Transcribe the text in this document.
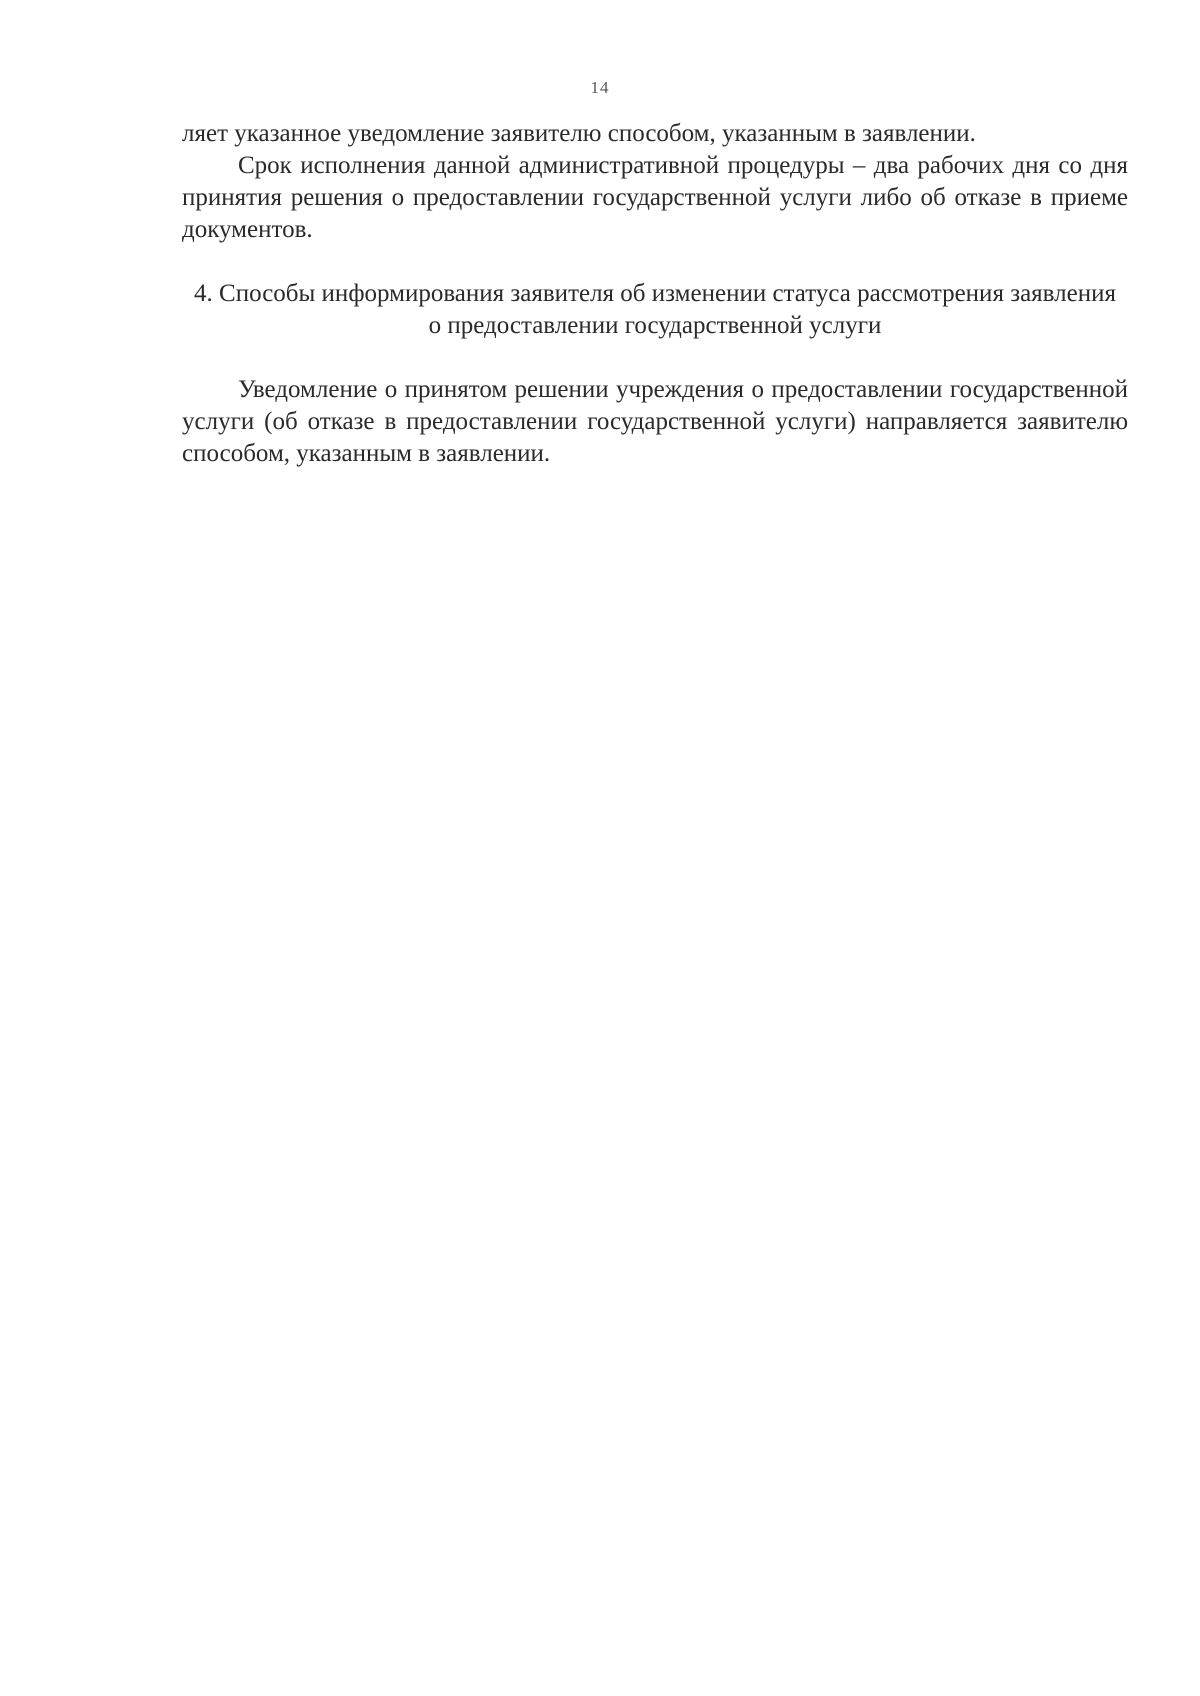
14

ляет указанное уведомление заявителю способом, указанным в заявлении.

Срок исполнения данной административной процедуры – два рабочих дня со дня принятия решения о предоставлении государственной услуги либо об отказе в приеме документов.

4. Способы информирования заявителя об изменении статуса рассмотрения заявления о предоставлении государственной услуги

Уведомление о принятом решении учреждения о предоставлении государственной услуги (об отказе в предоставлении государственной услуги) направляется заявителю способом, указанным в заявлении.
